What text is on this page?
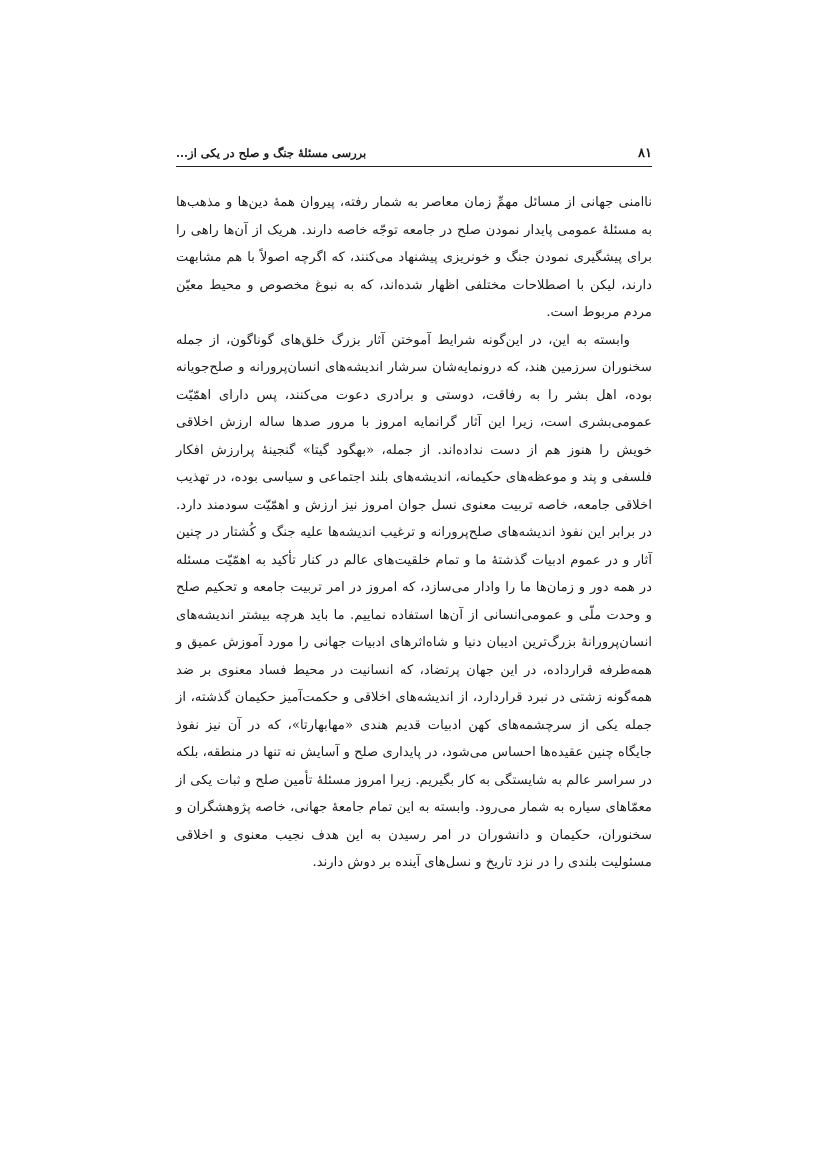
۸۱
بررسی مسئلهٔ جنگ و صلح در یکی از...

ناامنی جهانی از مسائل مهمِّ زمان معاصر به شمار رفته، پیروان همهٔ دین‌ها و مذهب‌ها به مسئلهٔ عمومی پایدار نمودن صلح در جامعه توجّه خاصه دارند. هریک از آن‌ها راهی را برای پیشگیری نمودن جنگ و خونریزی پیشنهاد می‌کنند، که اگرچه اصولاً با هم مشابهت دارند، لیکن با اصطلاحات مختلفی اظهار شده‌اند، که به نبوغ مخصوص و محیط معیّن مردم مربوط است.

وابسته به این، در این‌گونه شرایط آموختن آثار بزرگ خلق‌های گوناگون، از جمله سخنوران سرزمین هند، که درونمایه‌شان سرشار اندیشه‌های انسان‌پرورانه و صلح‌جویانه بوده، اهل بشر را به رفاقت، دوستی و برادری دعوت می‌کنند، پس دارای اهمّیّت عمومی‌بشری است، زیرا این آثار گرانمایه امروز با مرور صدها ساله ارزش اخلاقی خویش را هنوز هم از دست نداده‌اند. از جمله، «بهگود گیتا» گنجینهٔ پرارزش افکار فلسفی و پند و موعظه‌های حکیمانه، اندیشه‌های بلند اجتماعی و سیاسی بوده، در تهذیب اخلاقی جامعه، خاصه تربیت معنوی نسل جوان امروز نیز ارزش و اهمّیّت سودمند دارد. در برابر این نفوذ اندیشه‌های صلح‌پرورانه و ترغیب اندیشه‌ها علیه جنگ و کُشتار در چنین آثار و در عموم ادبیات گذشتهٔ ما و تمام خلقیت‌های عالم در کنار تأکید به اهمّیّت مسئله در همه دور و زمان‌ها ما را وادار می‌سازد، که امروز در امر تربیت جامعه و تحکیم صلح و وحدت ملّی و عمومی‌انسانی از آن‌ها استفاده نماییم. ما باید هرچه بیشتر اندیشه‌های انسان‌پرورانهٔ بزرگ‌ترین ادیبان دنیا و شاه‌اثرهای ادبیات جهانی را مورد آموزش عمیق و همه‌طرفه قرارداده، در این جهان پرتضاد، که انسانیت در محیط فساد معنوی بر ضد همه‌گونه زشتی در نبرد قراردارد، از اندیشه‌های اخلاقی و حکمت‌آمیز حکیمان گذشته، از جمله یکی از سرچشمه‌های کهن ادبیات قدیم هندی «مهابهارتا»، که در آن نیز نفوذ جایگاه چنین عقیده‌ها احساس می‌شود، در پایداری صلح و آسایش نه تنها در منطقه، بلکه در سراسر عالم به شایستگی به کار بگیریم. زیرا امروز مسئلهٔ تأمین صلح و ثبات یکی از معمّاهای سیاره به شمار می‌رود. وابسته به این تمام جامعهٔ جهانی، خاصه پژوهشگران و سخنوران، حکیمان و دانشوران در امر رسیدن به این هدف نجیب معنوی و اخلاقی مسئولیت بلندی را در نزد تاریخ و نسل‌های آینده بر دوش دارند.
